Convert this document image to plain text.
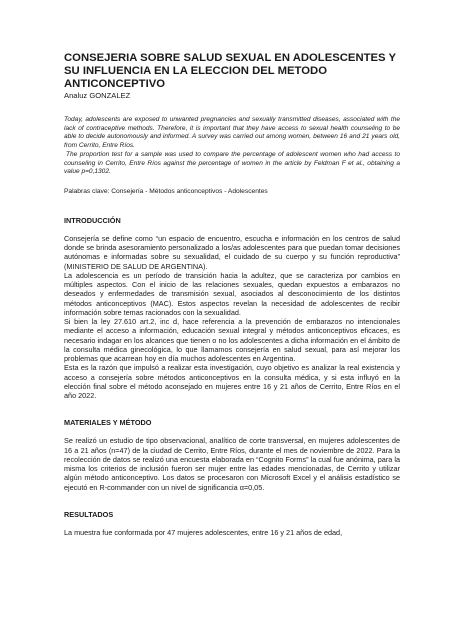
CONSEJERIA SOBRE SALUD SEXUAL EN ADOLESCENTES Y SU INFLUENCIA EN LA ELECCION DEL METODO ANTICONCEPTIVO

Analuz GONZALEZ

Today, adolescents are exposed to unwanted pregnancies and sexually transmitted diseases, associated with the lack of contraceptive methods. Therefore, it is important that they have access to sexual health counseling to be able to decide autonomously and informed. A survey was carried out among women, between 16 and 21 years old, from Cerrito, Entre Ríos.

The proportion test for a sample was used to compare the percentage of adolescent women who had access to counseling in Cerrito, Entre Ríos against the percentage of women in the article by Feldman F et al., obtaining a value p=0,1302.

Palabras clave: Consejería - Métodos anticonceptivos - Adolescentes

INTRODUCCIÓN

Consejería se define como “un espacio de encuentro, escucha e información en los centros de salud donde se brinda asesoramiento personalizado a los/as adolescentes para que puedan tomar decisiones autónomas e informadas sobre su sexualidad, el cuidado de su cuerpo y su función reproductiva” (MINISTERIO DE SALUD DE ARGENTINA).

La adolescencia es un período de transición hacia la adultez, que se caracteriza por cambios en múltiples aspectos. Con el inicio de las relaciones sexuales, quedan expuestos a embarazos no deseados y enfermedades de transmisión sexual, asociados al desconocimiento de los distintos métodos anticonceptivos (MAC). Estos aspectos revelan la necesidad de adolescentes de recibir información sobre temas racionados con la sexualidad.

Si bien la ley 27.610 art.2, inc d, hace referencia a la prevención de embarazos no intencionales mediante el acceso a información, educación sexual integral y métodos anticonceptivos eficaces, es necesario indagar en los alcances que tienen o no los adolescentes a dicha información en el ámbito de la consulta médica ginecológica, lo que llamamos consejería en salud sexual, para así mejorar los problemas que acarrean hoy en día muchos adolescentes en Argentina.

Esta es la razón que impulsó a realizar esta investigación, cuyo objetivo es analizar la real existencia y acceso a consejería sobre métodos anticonceptivos en la consulta médica, y si esta influyó en la elección final sobre el método aconsejado en mujeres entre 16 y 21 años de Cerrito, Entre Ríos en el año 2022.

MATERIALES Y MÉTODO

Se realizó un estudio de tipo observacional, analítico de corte transversal, en mujeres adolescentes de 16 a 21 años (n=47) de la ciudad de Cerrito, Entre Ríos, durante el mes de noviembre de 2022. Para la recolección de datos se realizó una encuesta elaborada en “Cognito Forms” la cual fue anónima, para la misma los criterios de inclusión fueron ser mujer entre las edades mencionadas, de Cerrito y utilizar algún método anticonceptivo. Los datos se procesaron con Microsoft Excel y el análisis estadístico se ejecutó en R-commander con un nivel de significancia α=0,05.

RESULTADOS

La muestra fue conformada por 47 mujeres adolescentes, entre 16 y 21 años de edad,
